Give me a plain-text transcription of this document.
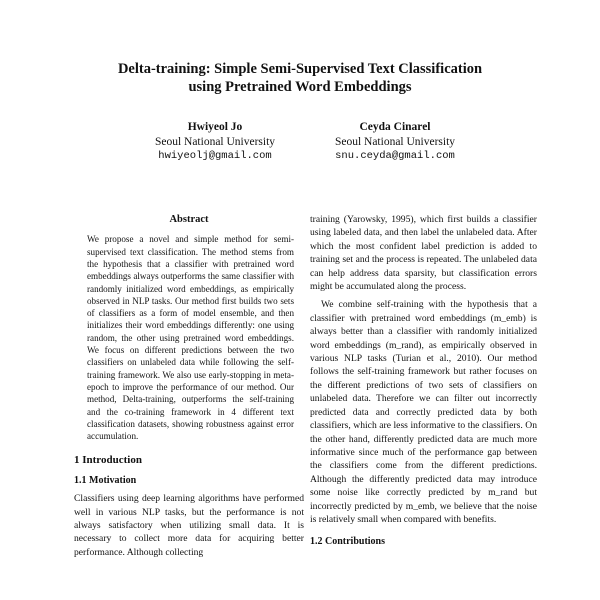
Delta-training: Simple Semi-Supervised Text Classification
using Pretrained Word Embeddings
Hwiyeol Jo
Seoul National University
hwiyeolj@gmail.com
Ceyda Cinarel
Seoul National University
snu.ceyda@gmail.com
Abstract

We propose a novel and simple method for semi-supervised text classification. The method stems from the hypothesis that a classifier with pretrained word embeddings always outperforms the same classifier with randomly initialized word embeddings, as empirically observed in NLP tasks. Our method first builds two sets of classifiers as a form of model ensemble, and then initializes their word embeddings differently: one using random, the other using pretrained word embeddings. We focus on different predictions between the two classifiers on unlabeled data while following the self-training framework. We also use early-stopping in meta-epoch to improve the performance of our method. Our method, Delta-training, outperforms the self-training and the co-training framework in 4 different text classification datasets, showing robustness against error accumulation.

1 Introduction
1.1 Motivation

Classifiers using deep learning algorithms have performed well in various NLP tasks, but the performance is not always satisfactory when utilizing small data. It is necessary to collect more data for acquiring better performance. Although collecting

training (Yarowsky, 1995), which first builds a classifier using labeled data, and then label the unlabeled data. After which the most confident label prediction is added to training set and the process is repeated. The unlabeled data can help address data sparsity, but classification errors might be accumulated along the process.

We combine self-training with the hypothesis that a classifier with pretrained word embeddings (m_emb) is always better than a classifier with randomly initialized word embeddings (m_rand), as empirically observed in various NLP tasks (Turian et al., 2010). Our method follows the self-training framework but rather focuses on the different predictions of two sets of classifiers on unlabeled data. Therefore we can filter out incorrectly predicted data and correctly predicted data by both classifiers, which are less informative to the classifiers. On the other hand, differently predicted data are much more informative since much of the performance gap between the classifiers come from the different predictions. Although the differently predicted data may introduce some noise like correctly predicted by m_rand but incorrectly predicted by m_emb, we believe that the noise is relatively small when compared with benefits.

1.2 Contributions
